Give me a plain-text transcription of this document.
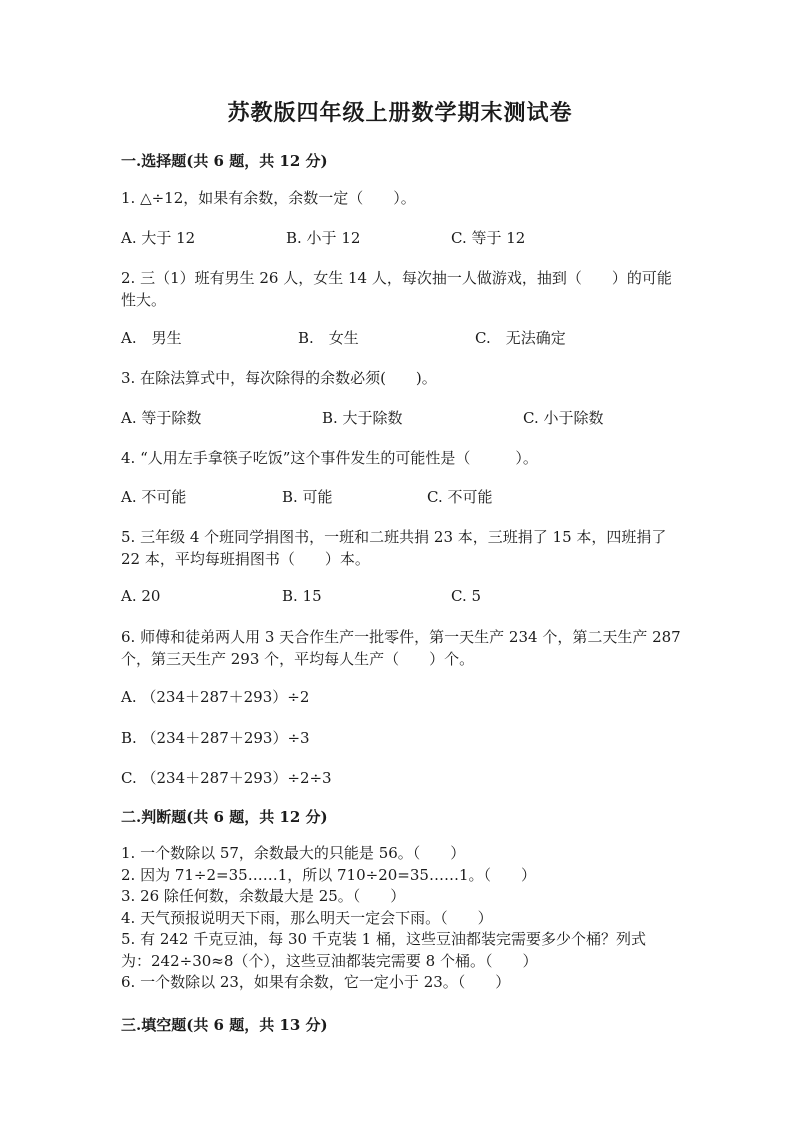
苏教版四年级上册数学期末测试卷
一.选择题(共 6 题，共 12 分)
1. △÷12，如果有余数，余数一定（　　）。
A. 大于 12	B. 小于 12	C. 等于 12
2. 三（1）班有男生 26 人，女生 14 人，每次抽一人做游戏，抽到（　　）的可能性大。
A.　男生	B.　女生	C.　无法确定
3. 在除法算式中，每次除得的余数必须(　　)。
A. 等于除数	B. 大于除数	C. 小于除数
4. “人用左手拿筷子吃饭”这个事件发生的可能性是（　　　）。
A. 不可能	B. 可能	C. 不可能
5. 三年级 4 个班同学捐图书，一班和二班共捐 23 本，三班捐了 15 本，四班捐了 22 本，平均每班捐图书（　　）本。
A. 20	B. 15	C. 5
6. 师傅和徒弟两人用 3 天合作生产一批零件，第一天生产 234 个，第二天生产 287 个，第三天生产 293 个，平均每人生产（　　）个。
A. （234＋287＋293）÷2
B. （234＋287＋293）÷3
C. （234＋287＋293）÷2÷3
二.判断题(共 6 题，共 12 分)
1. 一个数除以 57，余数最大的只能是 56。（　　）
2. 因为 71÷2=35……1，所以 710÷20=35……1。（　　）
3. 26 除任何数，余数最大是 25。（　　）
4. 天气预报说明天下雨，那么明天一定会下雨。（　　）
5. 有 242 千克豆油，每 30 千克装 1 桶，这些豆油都装完需要多少个桶？列式
为：242÷30≈8（个），这些豆油都装完需要 8 个桶。（　　）
6. 一个数除以 23，如果有余数，它一定小于 23。（　　）
三.填空题(共 6 题，共 13 分)
